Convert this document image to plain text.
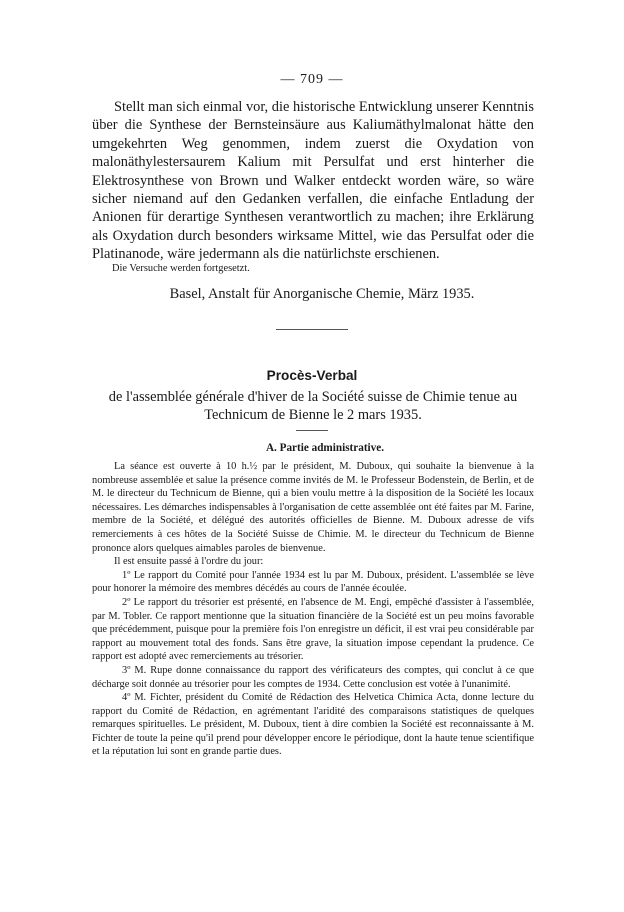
— 709 —

Stellt man sich einmal vor, die historische Entwicklung unserer Kenntnis über die Synthese der Bernsteinsäure aus Kaliumäthylmalonat hätte den umgekehrten Weg genommen, indem zuerst die Oxydation von malonäthylestersaurem Kalium mit Persulfat und erst hinterher die Elektrosynthese von Brown und Walker entdeckt worden wäre, so wäre sicher niemand auf den Gedanken verfallen, die einfache Entladung der Anionen für derartige Synthesen verantwortlich zu machen; ihre Erklärung als Oxydation durch besonders wirksame Mittel, wie das Persulfat oder die Platinanode, wäre jedermann als die natürlichste erschienen.

Die Versuche werden fortgesetzt.
Basel, Anstalt für Anorganische Chemie, März 1935.
Procès-Verbal
de l'assemblée générale d'hiver de la Société suisse de Chimie tenue au Technicum de Bienne le 2 mars 1935.
A. Partie administrative.

La séance est ouverte à 10 h.½ par le président, M. Duboux, qui souhaite la bienvenue à la nombreuse assemblée et salue la présence comme invités de M. le Professeur Bodenstein, de Berlin, et de M. le directeur du Technicum de Bienne, qui a bien voulu mettre à la disposition de la Société les locaux nécessaires. Les démarches indispensables à l'organisation de cette assemblée ont été faites par M. Farine, membre de la Société, et délégué des autorités officielles de Bienne. M. Duboux adresse de vifs remerciements à ces hôtes de la Société Suisse de Chimie. M. le directeur du Technicum de Bienne prononce alors quelques aimables paroles de bienvenue.

Il est ensuite passé à l'ordre du jour:

1º Le rapport du Comité pour l'année 1934 est lu par M. Duboux, président. L'assemblée se lève pour honorer la mémoire des membres décédés au cours de l'année écoulée.

2º Le rapport du trésorier est présenté, en l'absence de M. Engi, empêché d'assister à l'assemblée, par M. Tobler. Ce rapport mentionne que la situation financière de la Société est un peu moins favorable que précédemment, puisque pour la première fois l'on enregistre un déficit, il est vrai peu considérable par rapport au mouvement total des fonds. Sans être grave, la situation impose cependant la prudence. Ce rapport est adopté avec remerciements au trésorier.

3º M. Rupe donne connaissance du rapport des vérificateurs des comptes, qui conclut à ce que décharge soit donnée au trésorier pour les comptes de 1934. Cette conclusion est votée à l'unanimité.

4º M. Fichter, président du Comité de Rédaction des Helvetica Chimica Acta, donne lecture du rapport du Comité de Rédaction, en agrémentant l'aridité des comparaisons statistiques de quelques remarques spirituelles. Le président, M. Duboux, tient à dire combien la Société est reconnaissante à M. Fichter de toute la peine qu'il prend pour développer encore le périodique, dont la haute tenue scientifique et la réputation lui sont en grande partie dues.
